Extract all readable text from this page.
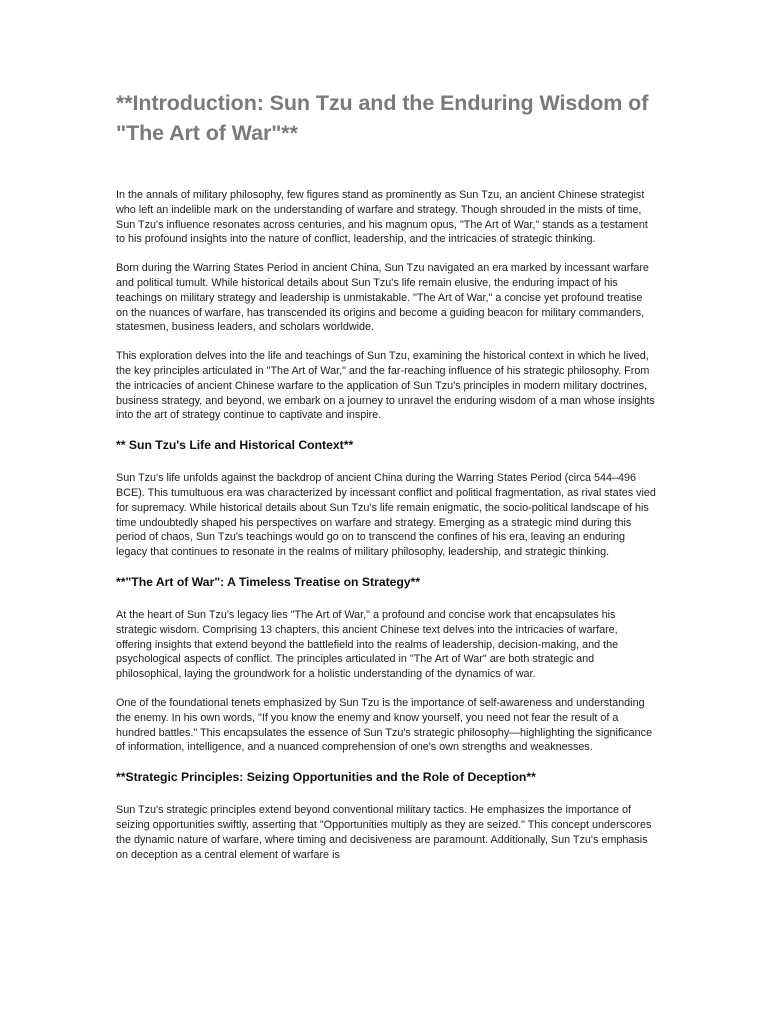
**Introduction: Sun Tzu and the Enduring Wisdom of "The Art of War"**

In the annals of military philosophy, few figures stand as prominently as Sun Tzu, an ancient Chinese strategist who left an indelible mark on the understanding of warfare and strategy. Though shrouded in the mists of time, Sun Tzu's influence resonates across centuries, and his magnum opus, "The Art of War," stands as a testament to his profound insights into the nature of conflict, leadership, and the intricacies of strategic thinking.

Born during the Warring States Period in ancient China, Sun Tzu navigated an era marked by incessant warfare and political tumult. While historical details about Sun Tzu's life remain elusive, the enduring impact of his teachings on military strategy and leadership is unmistakable. "The Art of War," a concise yet profound treatise on the nuances of warfare, has transcended its origins and become a guiding beacon for military commanders, statesmen, business leaders, and scholars worldwide.

This exploration delves into the life and teachings of Sun Tzu, examining the historical context in which he lived, the key principles articulated in "The Art of War," and the far-reaching influence of his strategic philosophy. From the intricacies of ancient Chinese warfare to the application of Sun Tzu's principles in modern military doctrines, business strategy, and beyond, we embark on a journey to unravel the enduring wisdom of a man whose insights into the art of strategy continue to captivate and inspire.

** Sun Tzu's Life and Historical Context**

Sun Tzu's life unfolds against the backdrop of ancient China during the Warring States Period (circa 544–496 BCE). This tumultuous era was characterized by incessant conflict and political fragmentation, as rival states vied for supremacy. While historical details about Sun Tzu's life remain enigmatic, the socio-political landscape of his time undoubtedly shaped his perspectives on warfare and strategy. Emerging as a strategic mind during this period of chaos, Sun Tzu's teachings would go on to transcend the confines of his era, leaving an enduring legacy that continues to resonate in the realms of military philosophy, leadership, and strategic thinking.

**"The Art of War": A Timeless Treatise on Strategy**

At the heart of Sun Tzu's legacy lies "The Art of War," a profound and concise work that encapsulates his strategic wisdom. Comprising 13 chapters, this ancient Chinese text delves into the intricacies of warfare, offering insights that extend beyond the battlefield into the realms of leadership, decision-making, and the psychological aspects of conflict. The principles articulated in "The Art of War" are both strategic and philosophical, laying the groundwork for a holistic understanding of the dynamics of war.

One of the foundational tenets emphasized by Sun Tzu is the importance of self-awareness and understanding the enemy. In his own words, "If you know the enemy and know yourself, you need not fear the result of a hundred battles." This encapsulates the essence of Sun Tzu's strategic philosophy—highlighting the significance of information, intelligence, and a nuanced comprehension of one's own strengths and weaknesses.

**Strategic Principles: Seizing Opportunities and the Role of Deception**

Sun Tzu's strategic principles extend beyond conventional military tactics. He emphasizes the importance of seizing opportunities swiftly, asserting that "Opportunities multiply as they are seized." This concept underscores the dynamic nature of warfare, where timing and decisiveness are paramount. Additionally, Sun Tzu's emphasis on deception as a central element of warfare is
